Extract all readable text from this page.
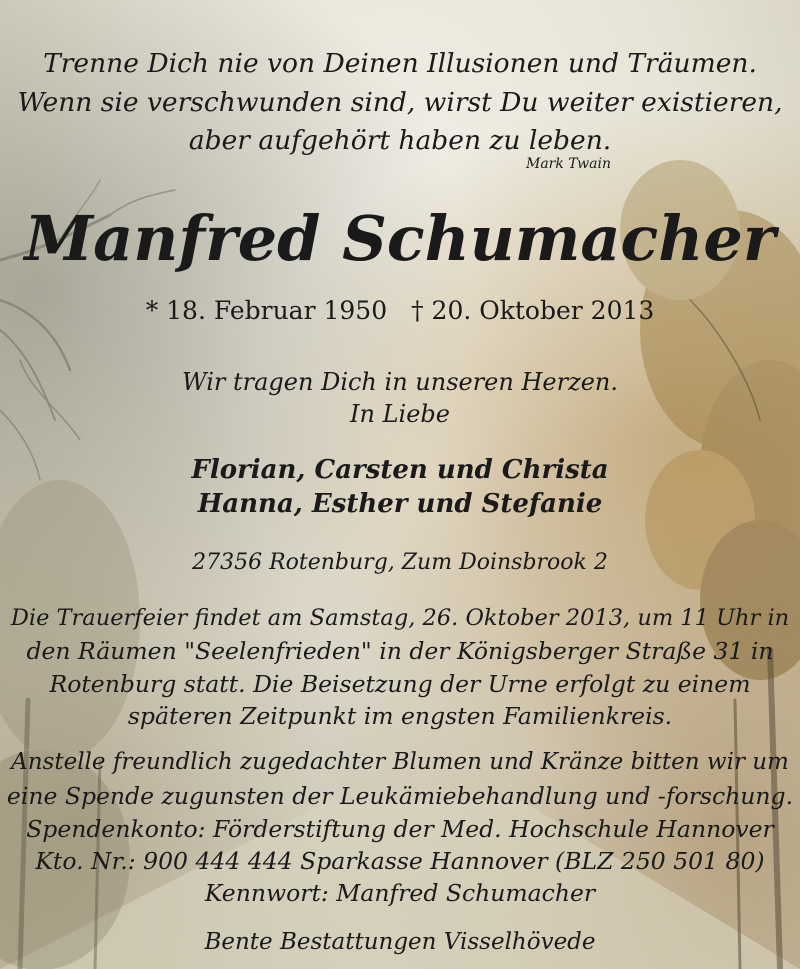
Trenne Dich nie von Deinen Illusionen und Träumen.
Wenn sie verschwunden sind, wirst Du weiter existieren,
aber aufgehört haben zu leben.
Mark Twain
Manfred Schumacher
* 18. Februar 1950 † 20. Oktober 2013
Wir tragen Dich in unseren Herzen.
In Liebe
Florian, Carsten und Christa
Hanna, Esther und Stefanie
27356 Rotenburg, Zum Doinsbrook 2
Die Trauerfeier findet am Samstag, 26. Oktober 2013, um 11 Uhr in
den Räumen "Seelenfrieden" in der Königsberger Straße 31 in
Rotenburg statt. Die Beisetzung der Urne erfolgt zu einem
späteren Zeitpunkt im engsten Familienkreis.
Anstelle freundlich zugedachter Blumen und Kränze bitten wir um
eine Spende zugunsten der Leukämiebehandlung und -forschung.
Spendenkonto: Förderstiftung der Med. Hochschule Hannover
Kto. Nr.: 900 444 444 Sparkasse Hannover (BLZ 250 501 80)
Kennwort: Manfred Schumacher
Bente Bestattungen Visselhövede
